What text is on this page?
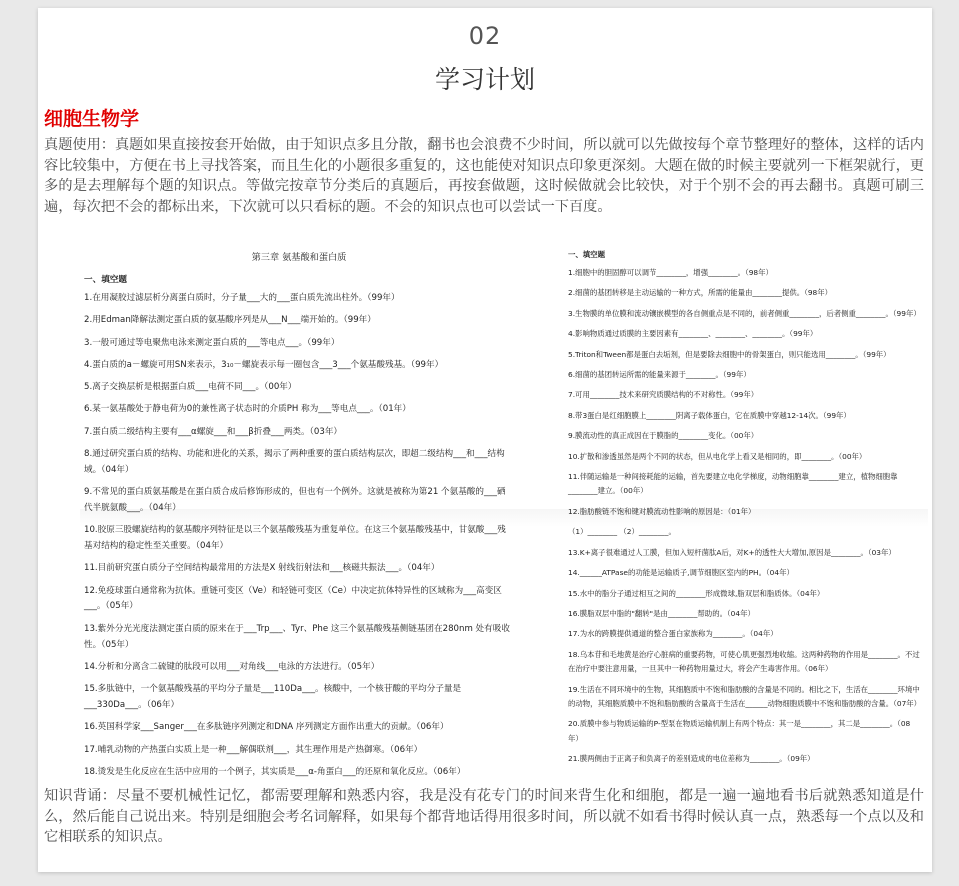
02
学习计划
细胞生物学
真题使用：真题如果直接按套开始做，由于知识点多且分散，翻书也会浪费不少时间，所以就可以先做按每个章节整理好的整体，这样的话内容比较集中，方便在书上寻找答案，而且生化的小题很多重复的，这也能使对知识点印象更深刻。大题在做的时候主要就列一下框架就行，更多的是去理解每个题的知识点。等做完按章节分类后的真题后，再按套做题，这时候做就会比较快，对于个别不会的再去翻书。真题可刷三遍，每次把不会的都标出来，下次就可以只看标的题。不会的知识点也可以尝试一下百度。
第三章 氨基酸和蛋白质
一、填空题
1.在用凝胶过滤层析分离蛋白质时，分子量___大的___蛋白质先流出柱外。（99年）
2.用Edman降解法测定蛋白质的氨基酸序列是从___N___端开始的。（99年）
3.一般可通过等电聚焦电泳来测定蛋白质的___等电点___。（99年）
4.蛋白质的a－螺旋可用SN来表示，3₁₀－螺旋表示每一圈包含___3___个氨基酸残基。（99年）
5.离子交换层析是根据蛋白质___电荷不同___。（00年）
6.某一氨基酸处于静电荷为0的兼性离子状态时的介质PH 称为___等电点___。（01年）
7.蛋白质二级结构主要有___α螺旋___和___β折叠___两类。（03年）
8.通过研究蛋白质的结构、功能和进化的关系，揭示了两种重要的蛋白质结构层次，即超二级结构___和___结构域。（04年）
9.不常见的蛋白质氨基酸是在蛋白质合成后修饰形成的，但也有一个例外。这就是被称为第21 个氨基酸的___硒代半胱氨酸___。（04年）
10.胶原三股螺旋结构的氨基酸序列特征是以三个氨基酸残基为重复单位。在这三个氨基酸残基中，甘氨酸___残基对结构的稳定性至关重要。（04年）
11.目前研究蛋白质分子空间结构最常用的方法是X 射线衍射法和___核磁共振法___。（04年）
12.免疫球蛋白通常称为抗体。重链可变区（Ve）和轻链可变区（Ce）中决定抗体特异性的区域称为___高变区___。（05年）
13.紫外分光光度法测定蛋白质的原来在于___Trp___、Tyr、Phe 这三个氨基酸残基侧链基团在280nm 处有吸收性。（05年）
14.分析和分离含二硫键的肽段可以用___对角线___电泳的方法进行。（05年）
15.多肽链中，一个氨基酸残基的平均分子量是___110Da___。核酸中，一个核苷酸的平均分子量是___330Da___。（06年）
16.英国科学家___Sanger___在多肽链序列测定和DNA 序列测定方面作出重大的贡献。（06年）
17.哺乳动物的产热蛋白实质上是一种___解偶联剂___，其生理作用是产热御寒。（06年）
18.烫发是生化反应在生活中应用的一个例子，其实质是___α-角蛋白___的还原和氧化反应。（06年）
一、填空题
1.细胞中的胆固醇可以调节________，增强________。（98年）
2.细菌的基团转移是主动运输的一种方式，所需的能量由________提供。（98年）
3.生物膜的单位膜和流动镶嵌模型的各自侧重点是不同的，前者侧重________，后者侧重________。（99年）
4.影响物质通过质膜的主要因素有________、________、________。（99年）
5.Triton和Tween都是蛋白去垢剂，但是要除去细胞中的骨架蛋白，则只能选用________。（99年）
6.细菌的基团转运所需的能量来源于________。（99年）
7.可用________技术来研究质膜结构的不对称性。（99年）
8.带3蛋白是红细胞膜上________阴离子载体蛋白，它在质膜中穿越12-14次。（99年）
9.膜流动性的真正成因在于膜脂的________变化。（00年）
10.扩散和渗透虽然是两个不同的状态，但从电化学上看又是相同的，即________。（00年）
11.伴随运输是一种间接耗能的运输，首先要建立电化学梯度，动物细胞靠________建立，植物细胞靠________建立。（00年）
12.脂肪酸链不饱和键对膜流动性影响的原因是：（01年）
（1）________ （2）________。
13.K+离子很难通过人工膜，但加入短杆菌肽A后，对K+的透性大大增加,原因是________。（03年）
14.______ATPase的功能是运输质子,调节细胞区室内的PH。（04年）
15.水中的脂分子通过相互之间的________形成微球,脂双层和脂质体。（04年）
16.膜脂双层中脂的"翻转"是由________帮助的。（04年）
17.为水的跨膜提供通道的整合蛋白家族称为________。（04年）
18.乌本苷和毛地黄是治疗心脏病的重要药物，可使心肌更强烈地收缩。这两种药物的作用是________。不过在治疗中要注意用量，一旦其中一种药物用量过大，将会产生毒害作用。（06年）
19.生活在不同环境中的生物，其细胞质中不饱和脂肪酸的含量是不同的。相比之下，生活在________环境中的动物，其细胞质膜中不饱和脂肪酸的含量高于生活在______动物细胞质膜中不饱和脂肪酸的含量。（07年）
20.质膜中参与物质运输的P-型泵在物质运输机制上有两个特点：其一是________，其二是________。（08年）
21.膜两侧由于正离子和负离子的差别造成的电位差称为________。（09年）
知识背诵：尽量不要机械性记忆，都需要理解和熟悉内容，我是没有花专门的时间来背生化和细胞，都是一遍一遍地看书后就熟悉知道是什么，然后能自己说出来。特别是细胞会考名词解释，如果每个都背地话得用很多时间，所以就不如看书得时候认真一点，熟悉每一个点以及和它相联系的知识点。
